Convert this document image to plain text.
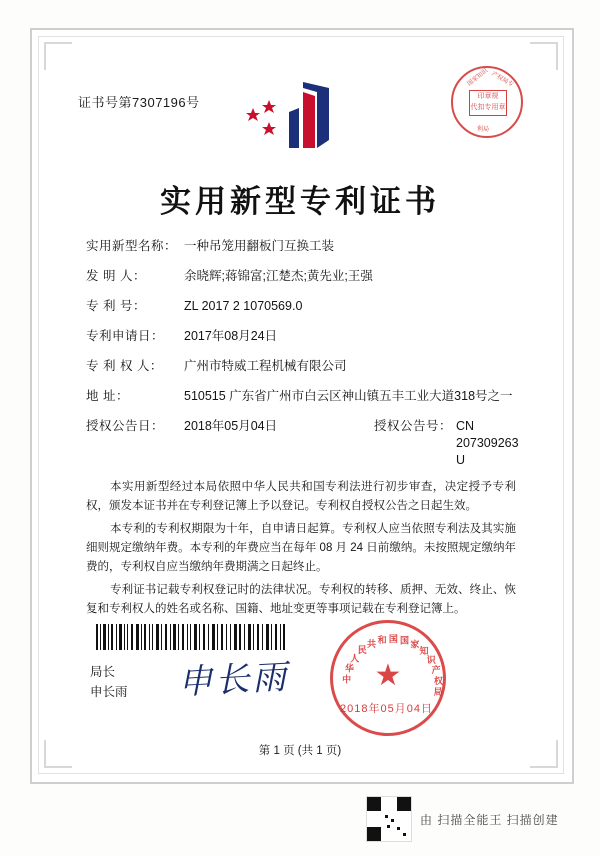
证书号第7307196号
国家知识 产权局专
利局
印章规
代扣专用章
实用新型专利证书
实用新型名称： 一种吊笼用翻板门互换工装
发 明 人：	余晓辉;蒋锦富;江楚杰;黄先业;王强
专 利 号：	ZL 2017 2 1070569.0
专利申请日：	2017年08月24日
专 利 权 人：	广州市特威工程机械有限公司
地 址：	510515 广东省广州市白云区神山镇五丰工业大道318号之一
授权公告日：	2018年05月04日	授权公告号： CN 207309263 U

本实用新型经过本局依照中华人民共和国专利法进行初步审查，决定授予专利权，颁发本证书并在专利登记簿上予以登记。专利权自授权公告之日起生效。

本专利的专利权期限为十年，自申请日起算。专利权人应当依照专利法及其实施细则规定缴纳年费。本专利的年费应当在每年 08 月 24 日前缴纳。未按照规定缴纳年费的，专利权自应当缴纳年费期满之日起终止。

专利证书记载专利权登记时的法律状况。专利权的转移、质押、无效、终止、恢复和专利权人的姓名或名称、国籍、地址变更等事项记载在专利登记簿上。

局长
申长雨 申长雨	中
华
人
民
共 和 国 国 家
知
识
产
权
局
★
2018年05月04日
第 1 页 (共 1 页)
由 扫描全能王 扫描创建
